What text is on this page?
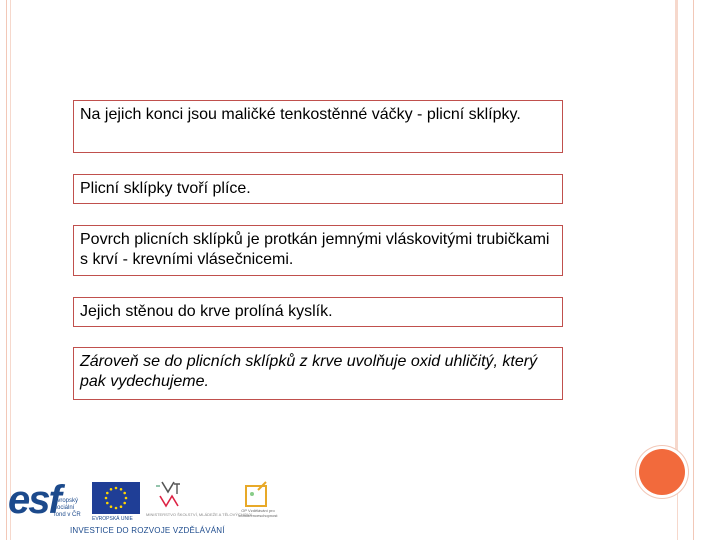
Na jejich konci jsou maličké tenkostěnné váčky - plicní sklípky.
Plicní sklípky tvoří plíce.
Povrch plicních sklípků je protkán jemnými vláskovitými trubičkami s krví - krevními vlásečnicemi.
Jejich stěnou do krve prolíná kyslík.
Zároveň se do plicních sklípků z krve uvolňuje oxid uhličitý, který pak vydechujeme.
esf
evropský sociální fond v ČR
EVROPSKÁ UNIE
MINISTERSTVO ŠKOLSTVÍ, MLÁDEŽE A TĚLOVÝCHOVY
OP Vzdělávání pro konkurenceschopnost
INVESTICE DO ROZVOJE VZDĚLÁVÁNÍ
